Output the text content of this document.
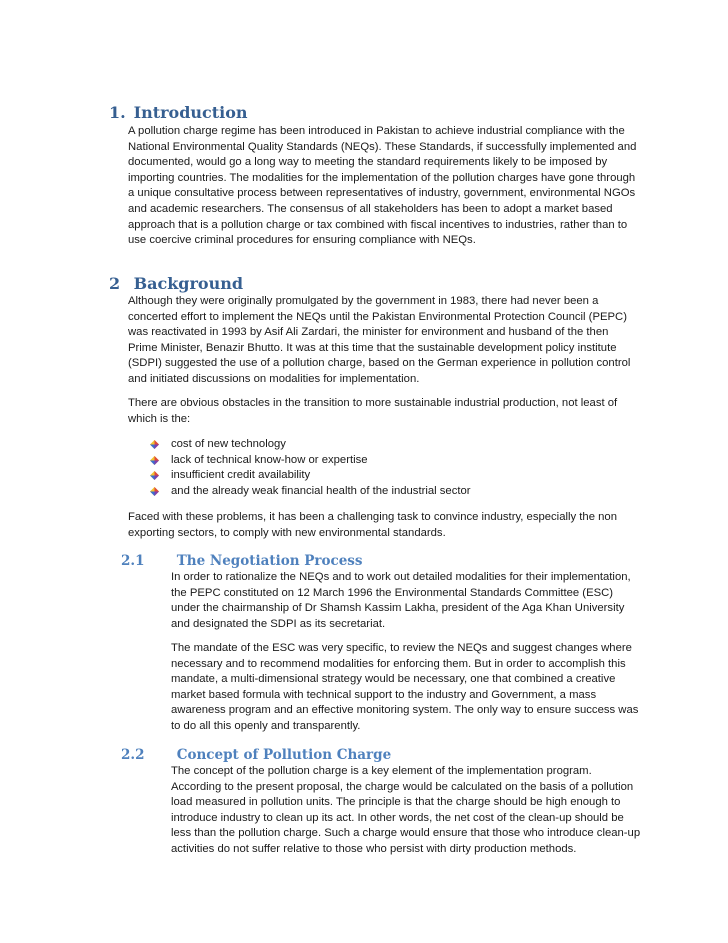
1. Introduction
A pollution charge regime has been introduced in Pakistan to achieve industrial compliance with the
National Environmental Quality Standards (NEQs). These Standards, if successfully implemented and
documented, would go a long way to meeting the standard requirements likely to be imposed by
importing countries. The modalities for the implementation of the pollution charges have gone through
a unique consultative process between representatives of industry, government, environmental NGOs
and academic researchers. The consensus of all stakeholders has been to adopt a market based
approach that is a pollution charge or tax combined with fiscal incentives to industries, rather than to
use coercive criminal procedures for ensuring compliance with NEQs.
2 Background
Although they were originally promulgated by the government in 1983, there had never been a
concerted effort to implement the NEQs until the Pakistan Environmental Protection Council (PEPC)
was reactivated in 1993 by Asif Ali Zardari, the minister for environment and husband of the then
Prime Minister, Benazir Bhutto. It was at this time that the sustainable development policy institute
(SDPI) suggested the use of a pollution charge, based on the German experience in pollution control
and initiated discussions on modalities for implementation.
There are obvious obstacles in the transition to more sustainable industrial production, not least of
which is the:
cost of new technology
lack of technical know-how or expertise
insufficient credit availability
and the already weak financial health of the industrial sector
Faced with these problems, it has been a challenging task to convince industry, especially the non
exporting sectors, to comply with new environmental standards.
2.1 The Negotiation Process
In order to rationalize the NEQs and to work out detailed modalities for their implementation,
the PEPC constituted on 12 March 1996 the Environmental Standards Committee (ESC)
under the chairmanship of Dr Shamsh Kassim Lakha, president of the Aga Khan University
and designated the SDPI as its secretariat.
The mandate of the ESC was very specific, to review the NEQs and suggest changes where
necessary and to recommend modalities for enforcing them. But in order to accomplish this
mandate, a multi-dimensional strategy would be necessary, one that combined a creative
market based formula with technical support to the industry and Government, a mass
awareness program and an effective monitoring system. The only way to ensure success was
to do all this openly and transparently.
2.2 Concept of Pollution Charge
The concept of the pollution charge is a key element of the implementation program.
According to the present proposal, the charge would be calculated on the basis of a pollution
load measured in pollution units. The principle is that the charge should be high enough to
introduce industry to clean up its act. In other words, the net cost of the clean-up should be
less than the pollution charge. Such a charge would ensure that those who introduce clean-up
activities do not suffer relative to those who persist with dirty production methods.
